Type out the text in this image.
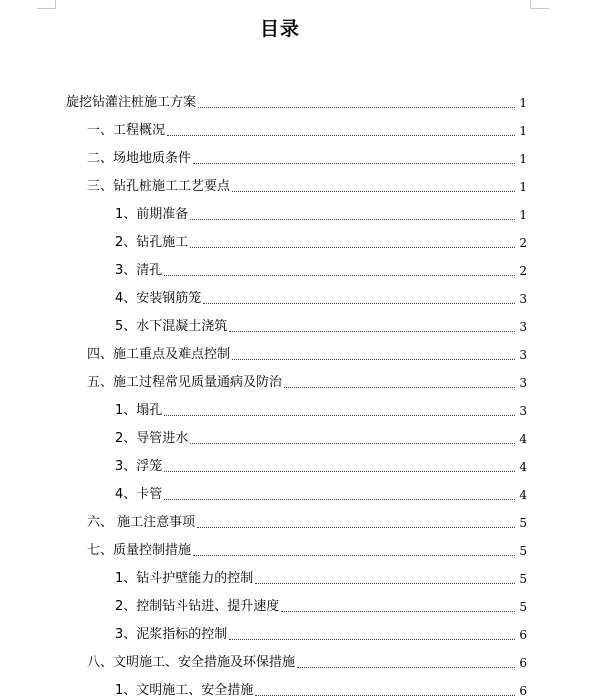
目录
旋挖钻灌注桩施工方案	1
一、工程概况	1
二、场地地质条件	1
三、钻孔桩施工工艺要点	1
1、前期准备	1
2、钻孔施工	2
3、清孔	2
4、安装钢筋笼	3
5、水下混凝土浇筑	3
四、施工重点及难点控制	3
五、施工过程常见质量通病及防治	3
1、塌孔	3
2、导管进水	4
3、浮笼	4
4、卡管	4
六、 施工注意事项	5
七、质量控制措施	5
1、钻斗护壁能力的控制	5
2、控制钻斗钻进、提升速度	5
3、泥浆指标的控制	6
八、文明施工、安全措施及环保措施	6
1、文明施工、安全措施	6
